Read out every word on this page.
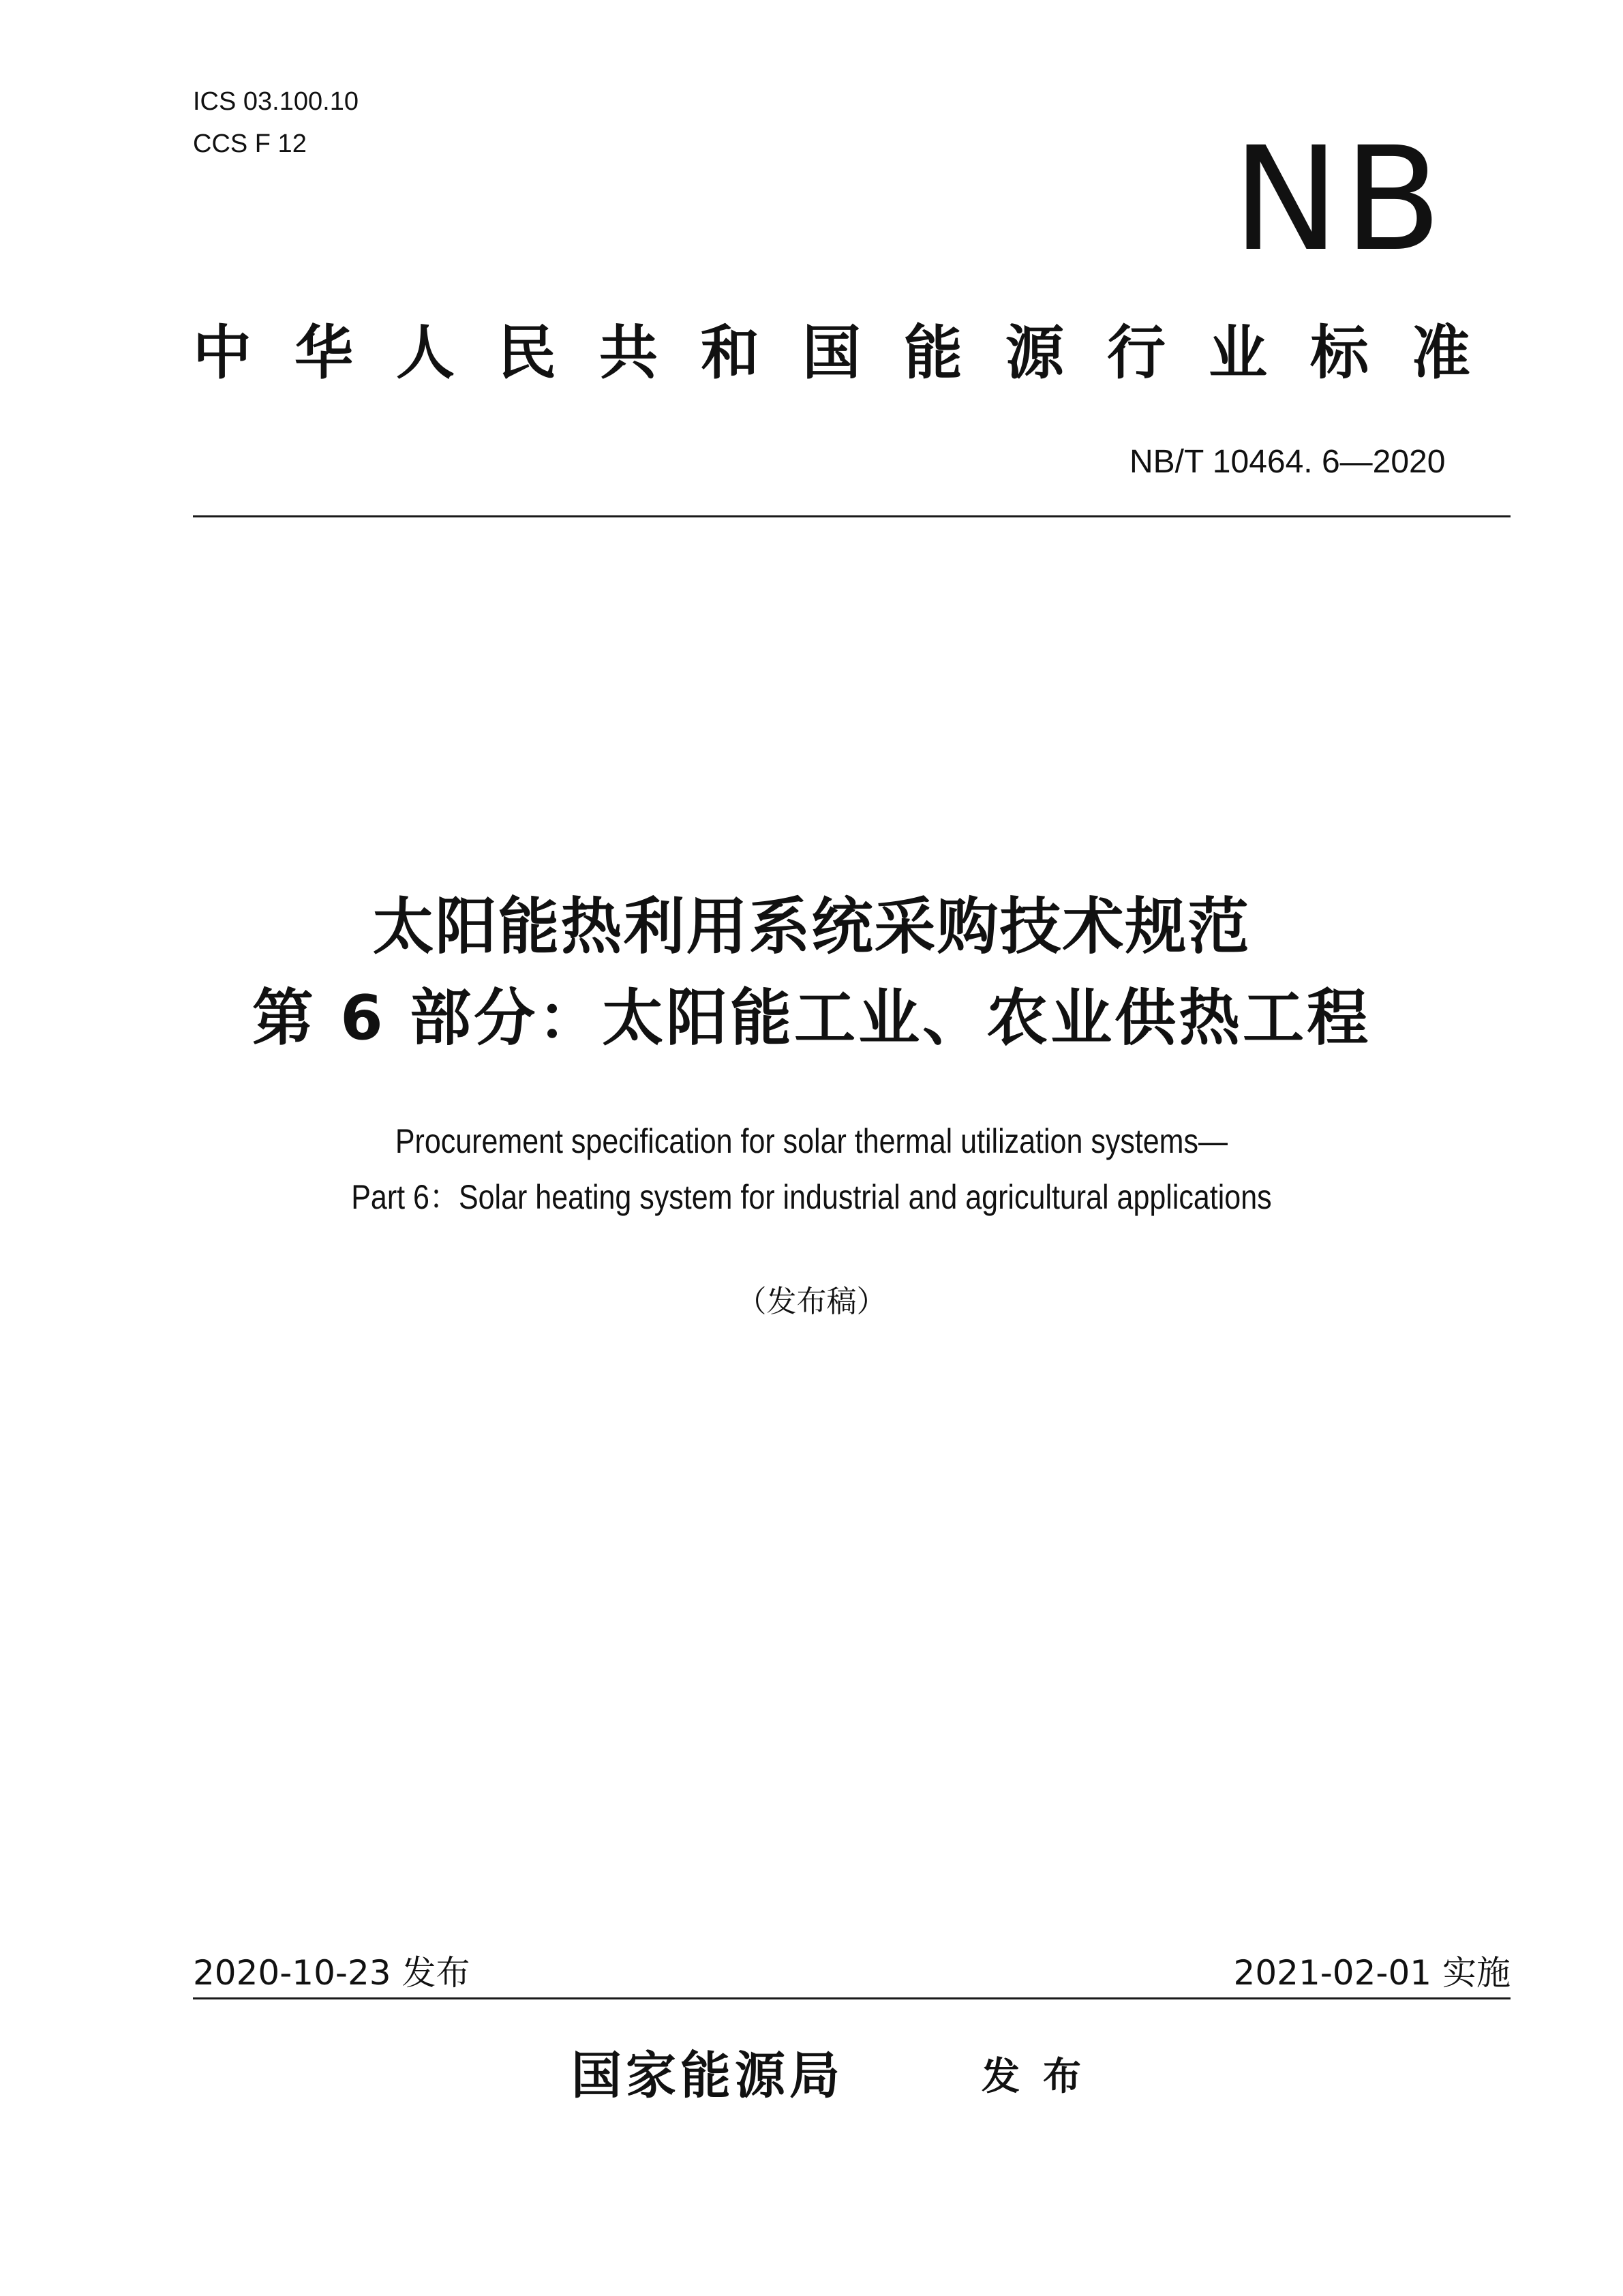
ICS 03.100.10
CCS F 12	NB
中华人民共和国能源行业标准
NB/T 10464. 6—2020
太阳能热利用系统采购技术规范
第 6 部分：太阳能工业、农业供热工程
Procurement specification for solar thermal utilization systems—
Part 6：Solar heating system for industrial and agricultural applications
（发布稿）
2020-10-23 发布	2021-02-01 实施
国家能源局	发布
